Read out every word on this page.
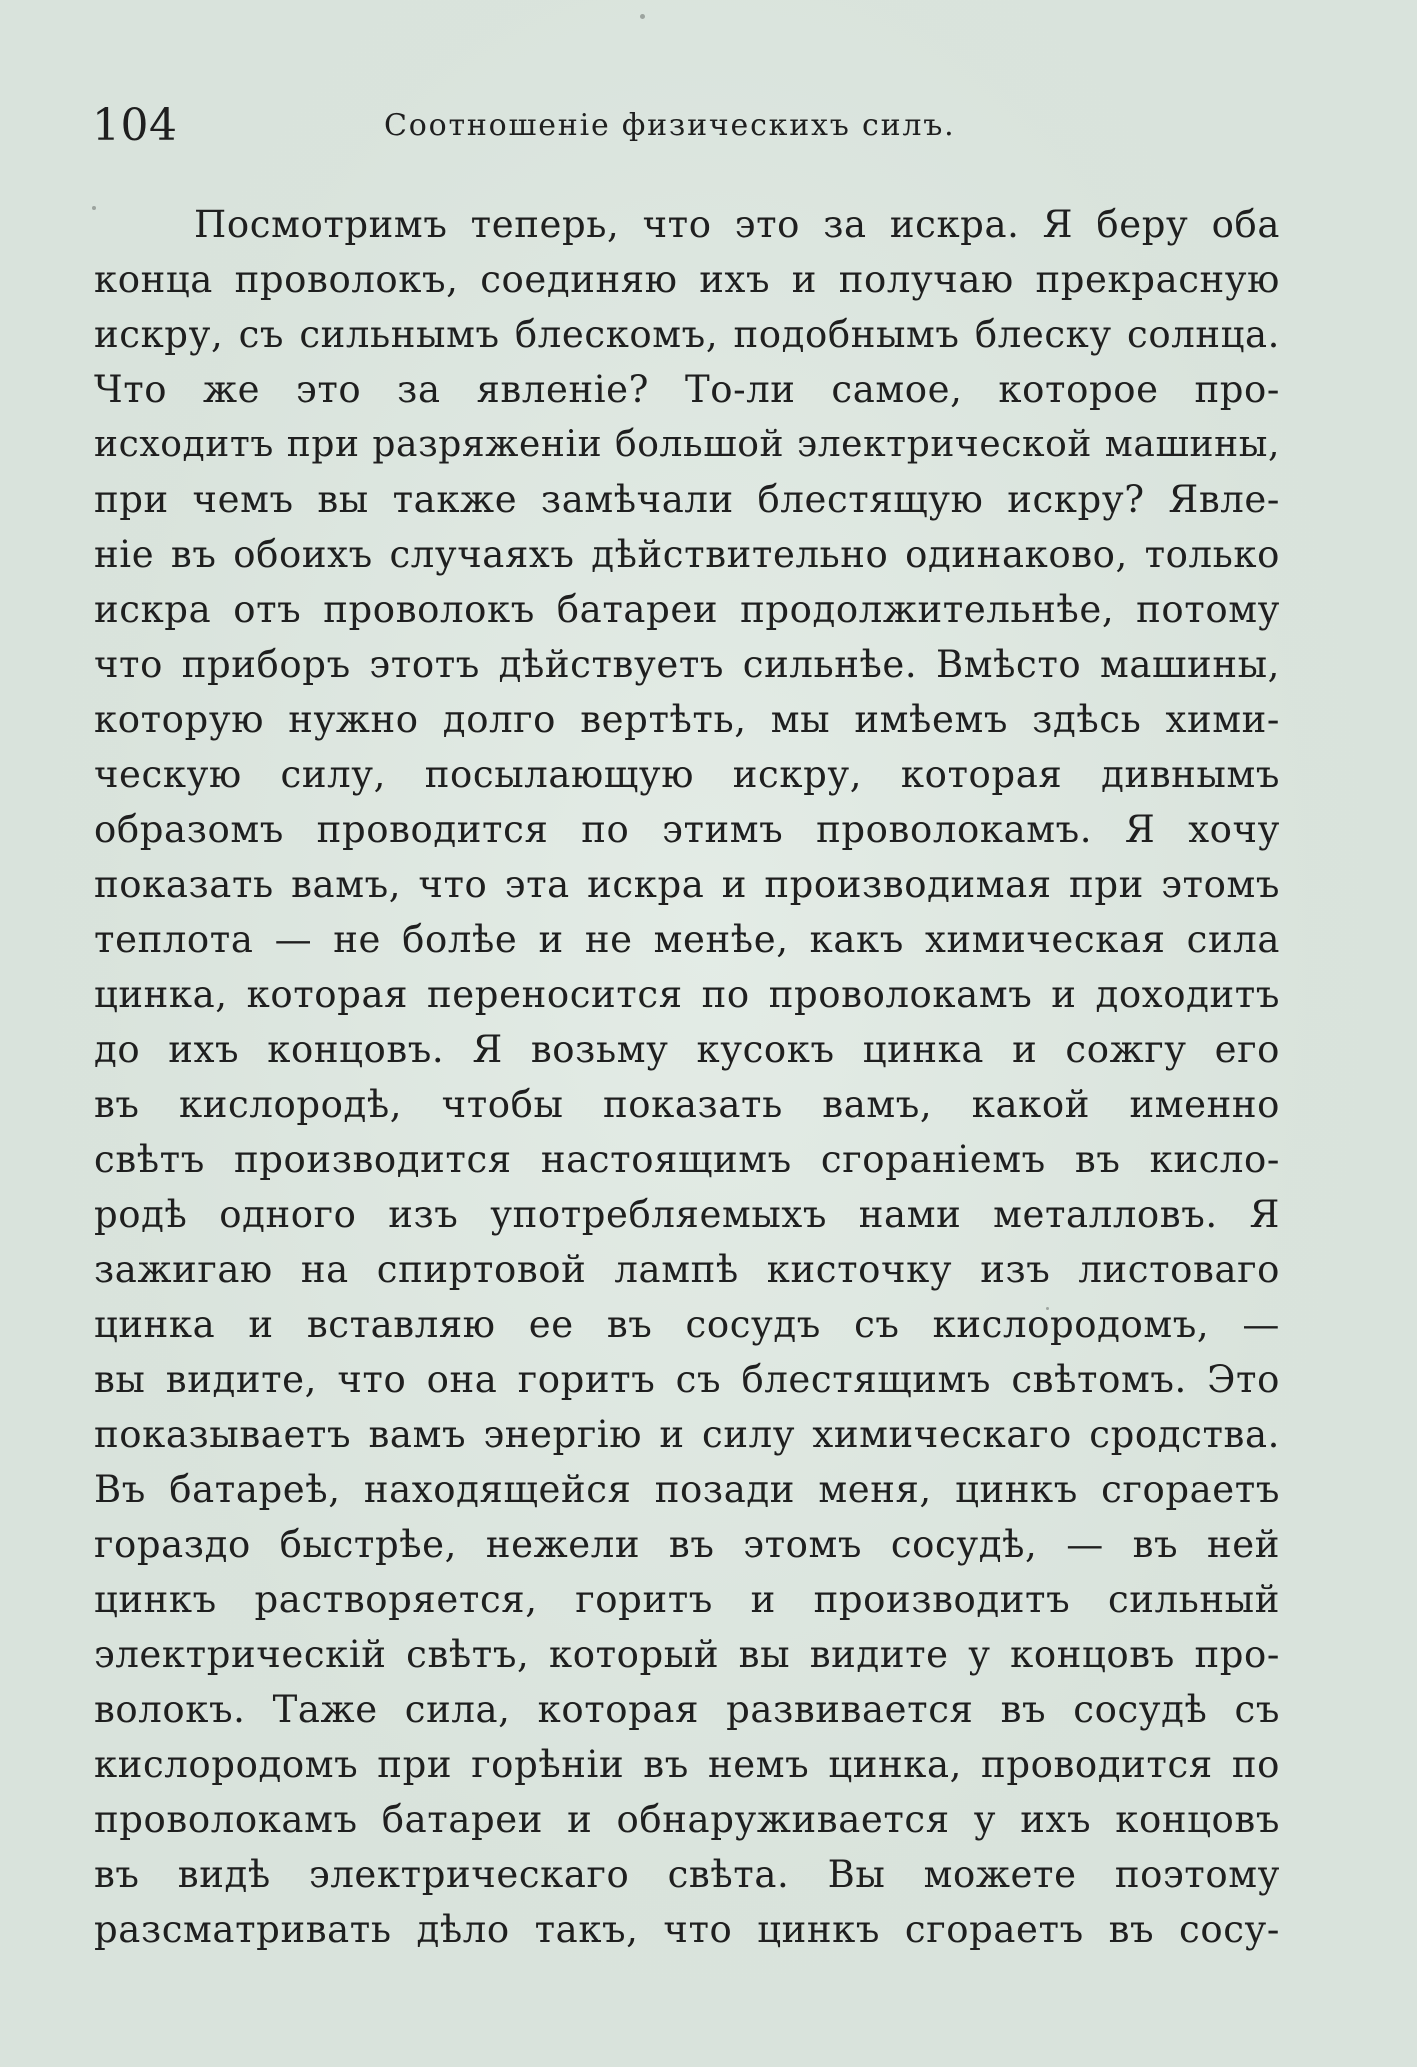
104	Соотношеніе физическихъ силъ.
Посмотримъ теперь, что это за искра. Я беру оба
конца проволокъ, соединяю ихъ и получаю прекрасную
искру, съ сильнымъ блескомъ, подобнымъ блеску солнца.
Что же это за явленіе? То-ли самое, которое про-
исходитъ при разряженіи большой электрической машины,
при чемъ вы также замѣчали блестящую искру? Явле-
ніе въ обоихъ случаяхъ дѣйствительно одинаково, только
искра отъ проволокъ батареи продолжительнѣе, потому
что приборъ этотъ дѣйствуетъ сильнѣе. Вмѣсто машины,
которую нужно долго вертѣть, мы имѣемъ здѣсь хими-
ческую силу, посылающую искру, которая дивнымъ
образомъ проводится по этимъ проволокамъ. Я хочу
показать вамъ, что эта искра и производимая при этомъ
теплота — не болѣе и не менѣе, какъ химическая сила
цинка, которая переносится по проволокамъ и доходитъ
до ихъ концовъ. Я возьму кусокъ цинка и сожгу его
въ кислородѣ, чтобы показать вамъ, какой именно
свѣтъ производится настоящимъ сгораніемъ въ кисло-
родѣ одного изъ употребляемыхъ нами металловъ. Я
зажигаю на спиртовой лампѣ кисточку изъ листоваго
цинка и вставляю ее въ сосудъ съ кислородомъ, —
вы видите, что она горитъ съ блестящимъ свѣтомъ. Это
показываетъ вамъ энергію и силу химическаго сродства.
Въ батареѣ, находящейся позади меня, цинкъ сгораетъ
гораздо быстрѣе, нежели въ этомъ сосудѣ, — въ ней
цинкъ растворяется, горитъ и производитъ сильный
электрическій свѣтъ, который вы видите у концовъ про-
волокъ. Таже сила, которая развивается въ сосудѣ съ
кислородомъ при горѣніи въ немъ цинка, проводится по
проволокамъ батареи и обнаруживается у ихъ концовъ
въ видѣ электрическаго свѣта. Вы можете поэтому
разсматривать дѣло такъ, что цинкъ сгораетъ въ сосу-
